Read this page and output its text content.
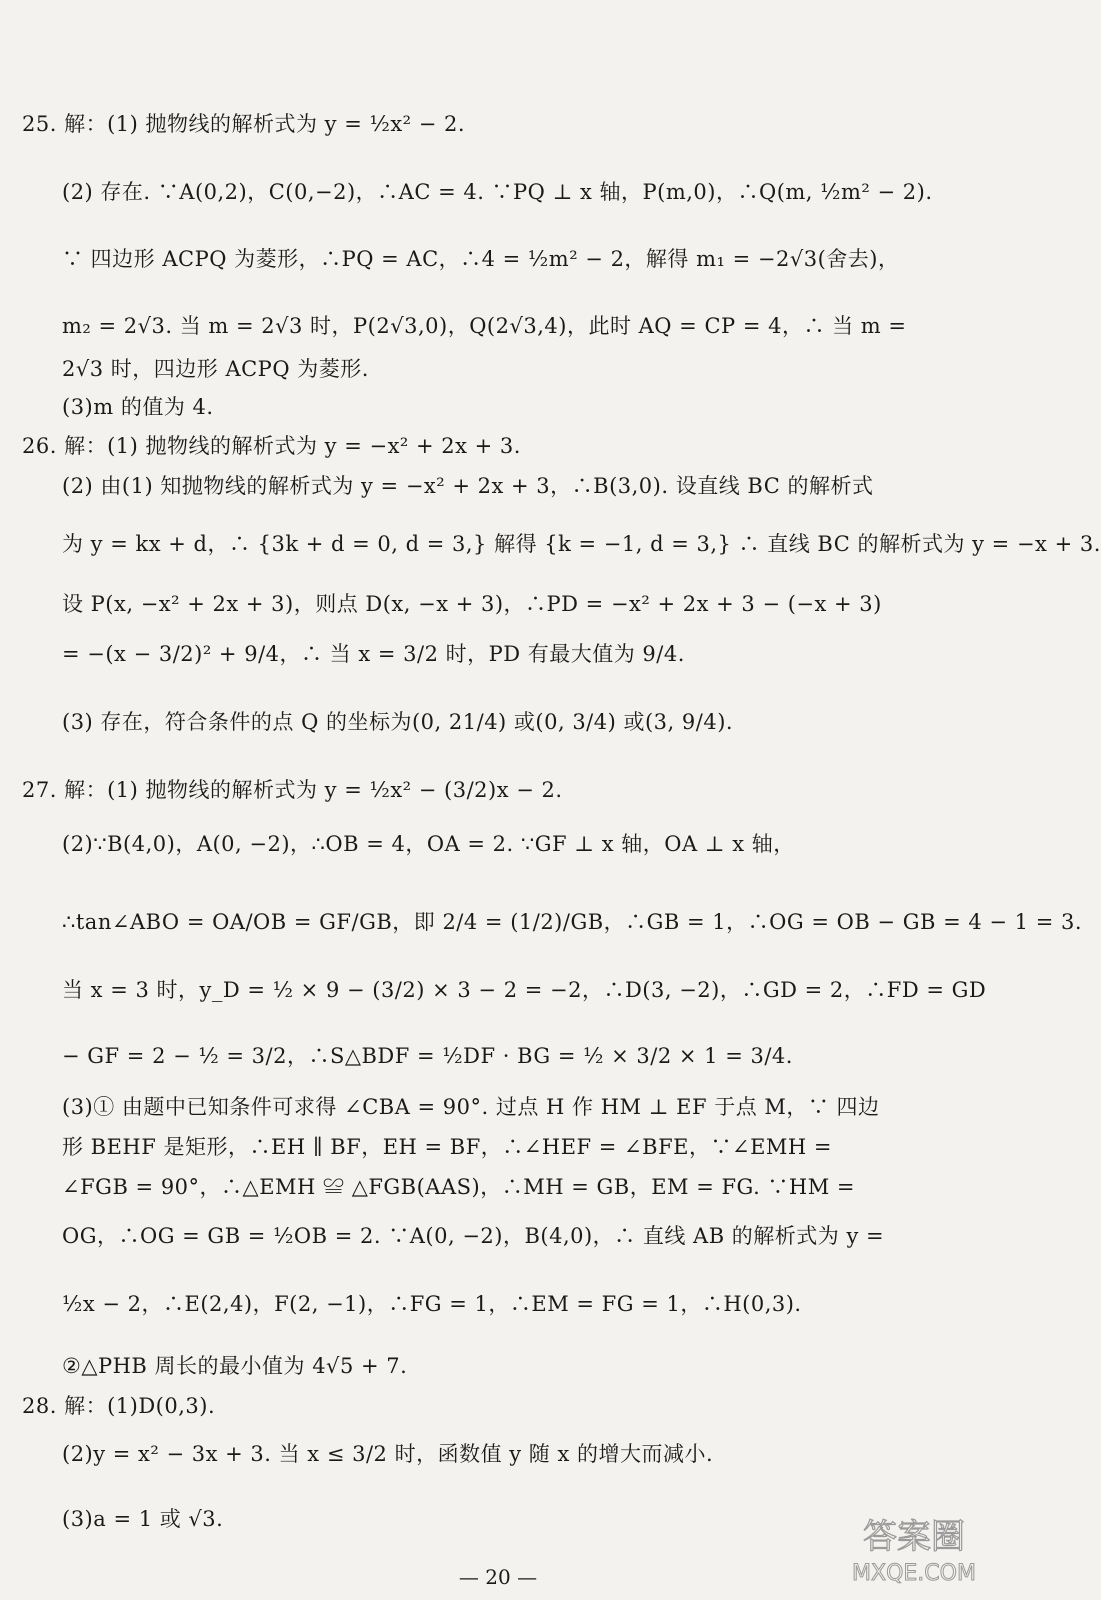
25. 解：(1) 抛物线的解析式为 y = ½x² − 2.
(2) 存在. ∵A(0,2)，C(0,−2)，∴AC = 4. ∵PQ ⊥ x 轴，P(m,0)，∴Q(m, ½m² − 2).
∵ 四边形 ACPQ 为菱形，∴PQ = AC，∴4 = ½m² − 2，解得 m₁ = −2√3(舍去)，
m₂ = 2√3. 当 m = 2√3 时，P(2√3,0)，Q(2√3,4)，此时 AQ = CP = 4，∴ 当 m =
2√3 时，四边形 ACPQ 为菱形.
(3)m 的值为 4.
26. 解：(1) 抛物线的解析式为 y = −x² + 2x + 3.
(2) 由(1) 知抛物线的解析式为 y = −x² + 2x + 3，∴B(3,0). 设直线 BC 的解析式
为 y = kx + d，∴ {3k + d = 0, d = 3,} 解得 {k = −1, d = 3,} ∴ 直线 BC 的解析式为 y = −x + 3.
设 P(x, −x² + 2x + 3)，则点 D(x, −x + 3)，∴PD = −x² + 2x + 3 − (−x + 3)
= −(x − 3/2)² + 9/4，∴ 当 x = 3/2 时，PD 有最大值为 9/4.
(3) 存在，符合条件的点 Q 的坐标为(0, 21/4) 或(0, 3/4) 或(3, 9/4).
27. 解：(1) 抛物线的解析式为 y = ½x² − (3/2)x − 2.
(2)∵B(4,0)，A(0, −2)，∴OB = 4，OA = 2. ∵GF ⊥ x 轴，OA ⊥ x 轴，
∴tan∠ABO = OA/OB = GF/GB，即 2/4 = (1/2)/GB，∴GB = 1，∴OG = OB − GB = 4 − 1 = 3.
当 x = 3 时，y_D = ½ × 9 − (3/2) × 3 − 2 = −2，∴D(3, −2)，∴GD = 2，∴FD = GD
− GF = 2 − ½ = 3/2，∴S△BDF = ½DF · BG = ½ × 3/2 × 1 = 3/4.
(3)① 由题中已知条件可求得 ∠CBA = 90°. 过点 H 作 HM ⊥ EF 于点 M，∵ 四边
形 BEHF 是矩形，∴EH ∥ BF，EH = BF，∴∠HEF = ∠BFE，∵∠EMH =
∠FGB = 90°，∴△EMH ≌ △FGB(AAS)，∴MH = GB，EM = FG. ∵HM =
OG，∴OG = GB = ½OB = 2. ∵A(0, −2)，B(4,0)，∴ 直线 AB 的解析式为 y =
½x − 2，∴E(2,4)，F(2, −1)，∴FG = 1，∴EM = FG = 1，∴H(0,3).
②△PHB 周长的最小值为 4√5 + 7.
28. 解：(1)D(0,3).
(2)y = x² − 3x + 3. 当 x ≤ 3/2 时，函数值 y 随 x 的增大而减小.
(3)a = 1 或 √3.
— 20 —
答案圈
MXQE.COM
